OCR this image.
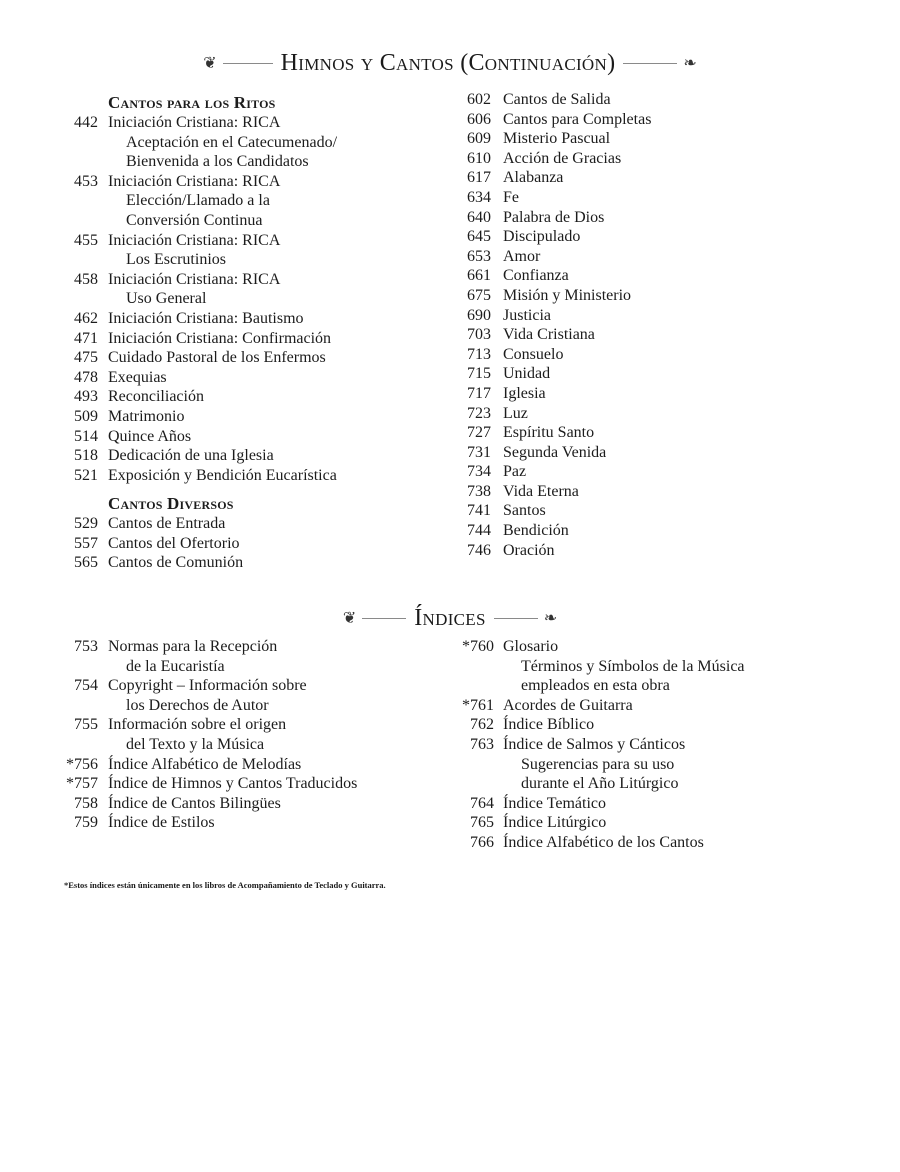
❦	Himnos y Cantos (Continuación)	❧
Cantos para los Ritos
442 Iniciación Cristiana: RICA
Aceptación en el Catecumenado/
Bienvenida a los Candidatos
453 Iniciación Cristiana: RICA
Elección/Llamado a la
Conversión Continua
455 Iniciación Cristiana: RICA
Los Escrutinios
458 Iniciación Cristiana: RICA
Uso General
462 Iniciación Cristiana: Bautismo
471 Iniciación Cristiana: Confirmación
475 Cuidado Pastoral de los Enfermos
478 Exequias
493 Reconciliación
509 Matrimonio
514 Quince Años
518 Dedicación de una Iglesia
521 Exposición y Bendición Eucarística
Cantos Diversos
529 Cantos de Entrada
557 Cantos del Ofertorio
565 Cantos de Comunión
602 Cantos de Salida
606 Cantos para Completas
609 Misterio Pascual
610 Acción de Gracias
617 Alabanza
634 Fe
640 Palabra de Dios
645 Discipulado
653 Amor
661 Confianza
675 Misión y Ministerio
690 Justicia
703 Vida Cristiana
713 Consuelo
715 Unidad
717 Iglesia
723 Luz
727 Espíritu Santo
731 Segunda Venida
734 Paz
738 Vida Eterna
741 Santos
744 Bendición
746 Oración
❦ Índices	❧
753 Normas para la Recepción
de la Eucaristía
754 Copyright – Información sobre
los Derechos de Autor
755 Información sobre el origen
del Texto y la Música
*756 Índice Alfabético de Melodías
*757 Índice de Himnos y Cantos Traducidos
758 Índice de Cantos Bilingües
759 Índice de Estilos
*760 Glosario
Términos y Símbolos de la Música
empleados en esta obra
*761 Acordes de Guitarra
762 Índice Bíblico
763 Índice de Salmos y Cánticos
Sugerencias para su uso
durante el Año Litúrgico
764 Índice Temático
765 Índice Litúrgico
766 Índice Alfabético de los Cantos
*Estos índices están únicamente en los libros de Acompañamiento de Teclado y Guitarra.
